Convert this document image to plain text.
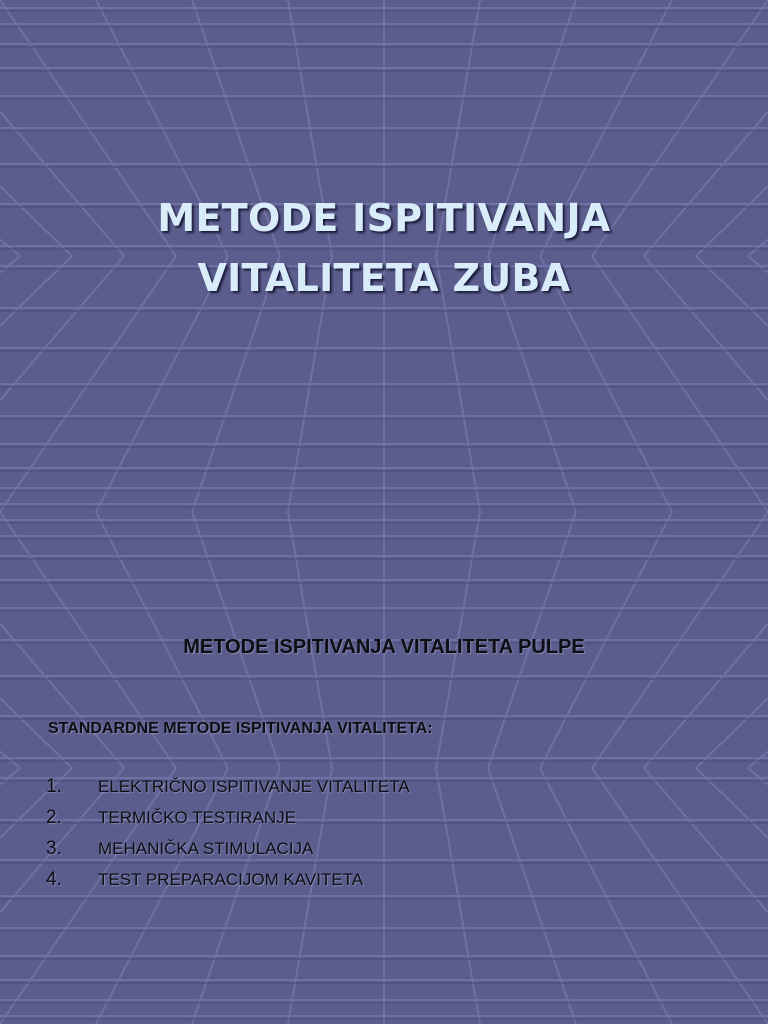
METODE ISPITIVANJA
VITALITETA ZUBA
METODE ISPITIVANJA VITALITETA PULPE
STANDARDNE METODE ISPITIVANJA VITALITETA:
1.	ELEKTRIČNO ISPITIVANJE VITALITETA
2.	TERMIČKO TESTIRANJE
3.	MEHANIČKA STIMULACIJA
4.	TEST PREPARACIJOM KAVITETA
